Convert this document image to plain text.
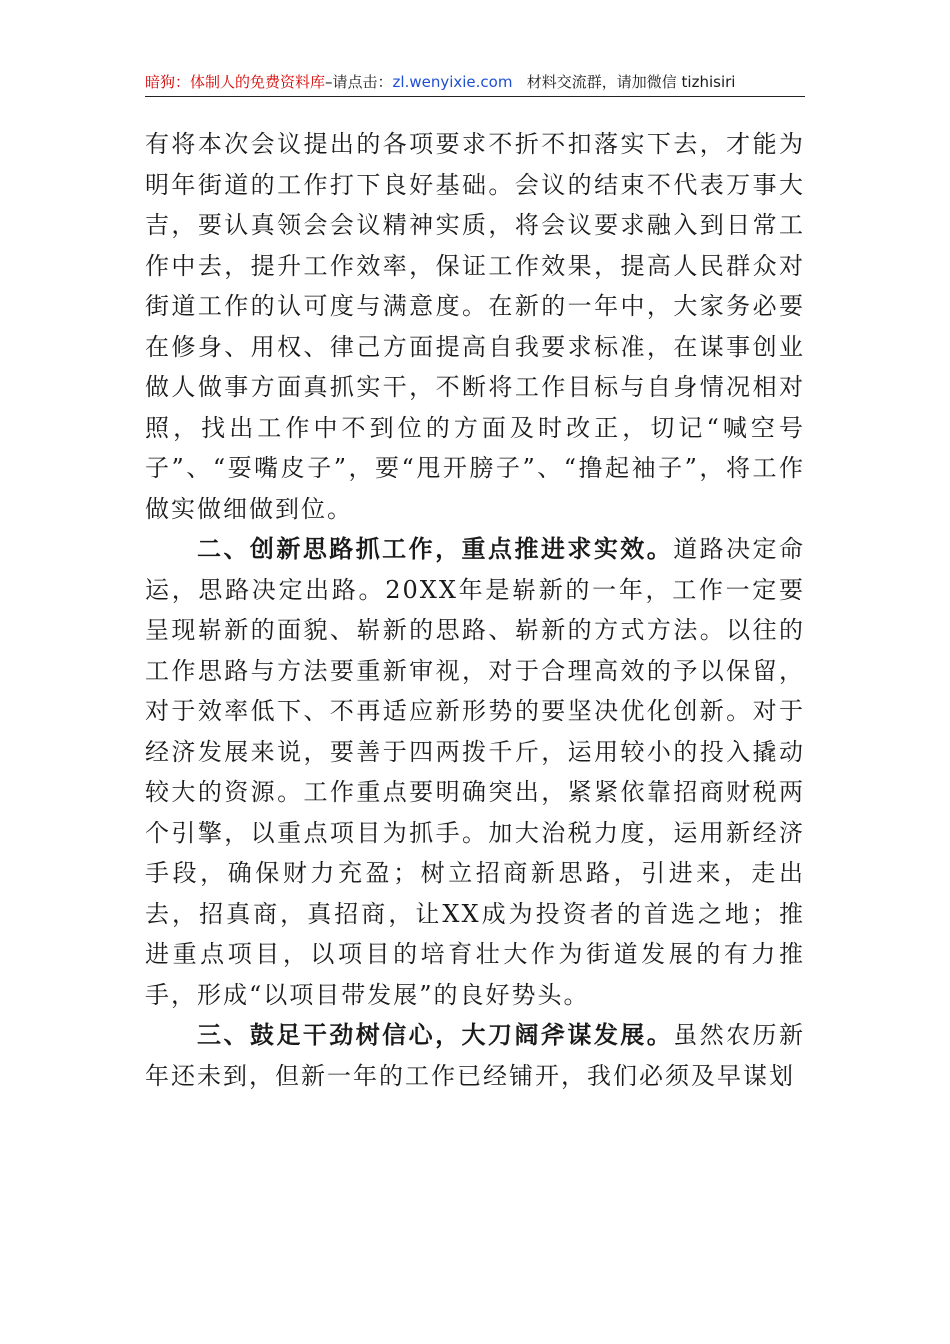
暗狗：体制人的免费资料库–请点击：zl.wenyixie.com 材料交流群，请加微信 tizhisiri

有将本次会议提出的各项要求不折不扣落实下去，才能为明年街道的工作打下良好基础。会议的结束不代表万事大吉，要认真领会会议精神实质，将会议要求融入到日常工作中去，提升工作效率，保证工作效果，提高人民群众对街道工作的认可度与满意度。在新的一年中，大家务必要在修身、用权、律己方面提高自我要求标准，在谋事创业做人做事方面真抓实干，不断将工作目标与自身情况相对照，找出工作中不到位的方面及时改正，切记“喊空号子”、“耍嘴皮子”，要“甩开膀子”、“撸起袖子”，将工作做实做细做到位。

二、创新思路抓工作，重点推进求实效。道路决定命运，思路决定出路。20XX年是崭新的一年，工作一定要呈现崭新的面貌、崭新的思路、崭新的方式方法。以往的工作思路与方法要重新审视，对于合理高效的予以保留，对于效率低下、不再适应新形势的要坚决优化创新。对于经济发展来说，要善于四两拨千斤，运用较小的投入撬动较大的资源。工作重点要明确突出，紧紧依靠招商财税两个引擎，以重点项目为抓手。加大治税力度，运用新经济手段，确保财力充盈；树立招商新思路，引进来，走出去，招真商，真招商，让XX成为投资者的首选之地；推进重点项目，以项目的培育壮大作为街道发展的有力推手，形成“以项目带发展”的良好势头。

三、鼓足干劲树信心，大刀阔斧谋发展。虽然农历新年还未到，但新一年的工作已经铺开，我们必须及早谋划
